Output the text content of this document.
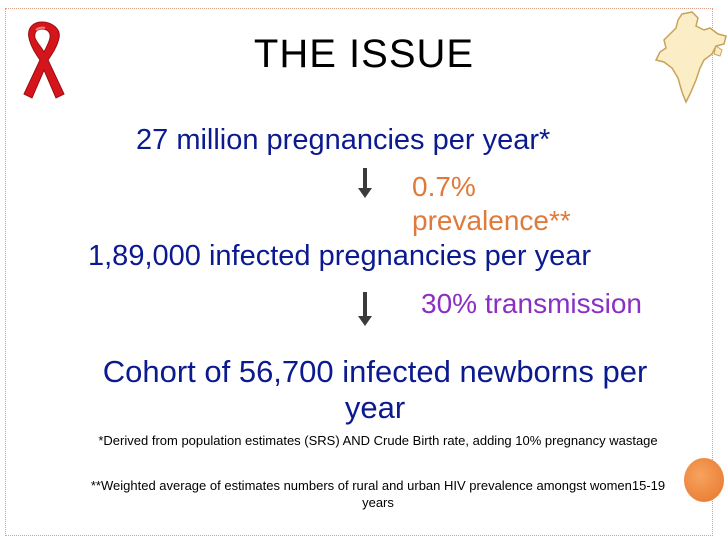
THE ISSUE
27 million pregnancies per year*
0.7% prevalence**
1,89,000 infected pregnancies per year
30% transmission
Cohort of 56,700 infected newborns per year
*Derived from population estimates (SRS) AND Crude Birth rate, adding 10% pregnancy wastage
**Weighted average of estimates numbers of rural and urban HIV prevalence amongst women15-19 years
